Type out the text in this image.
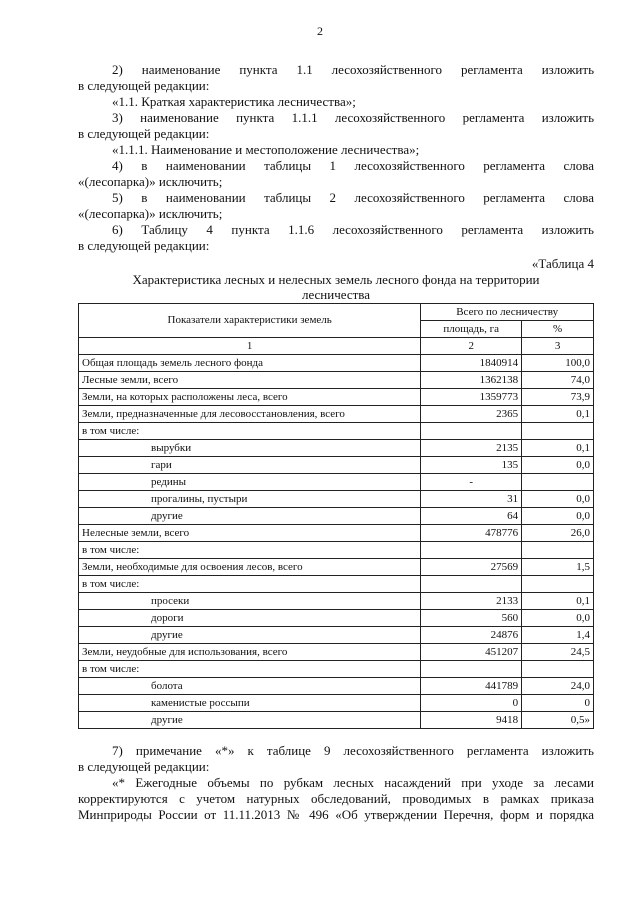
2
2) наименование пункта 1.1 лесохозяйственного регламента изложить
в следующей редакции:
«1.1. Краткая характеристика лесничества»;
3) наименование пункта 1.1.1 лесохозяйственного регламента изложить
в следующей редакции:
«1.1.1. Наименование и местоположение лесничества»;
4) в наименовании таблицы 1 лесохозяйственного регламента слова
«(лесопарка)» исключить;
5) в наименовании таблицы 2 лесохозяйственного регламента слова
«(лесопарка)» исключить;
6) Таблицу 4 пункта 1.1.6 лесохозяйственного регламента изложить
в следующей редакции:
«Таблица 4
Характеристика лесных и нелесных земель лесного фонда на территории
лесничества
Показатели характеристики земель	Всего по лесничеству	
	площадь, га	%
1	2	3
Общая площадь земель лесного фонда	1840914	100,0
Лесные земли, всего	1362138	74,0
Земли, на которых расположены леса, всего	1359773	73,9
Земли, предназначенные для лесовосстановления, всего	2365	0,1
в том числе:		
вырубки	2135	0,1
гари	135	0,0
редины	-	
прогалины, пустыри	31	0,0
другие	64	0,0
Нелесные земли, всего	478776	26,0
в том числе:		
Земли, необходимые для освоения лесов, всего	27569	1,5
в том числе:		
просеки	2133	0,1
дороги	560	0,0
другие	24876	1,4
Земли, неудобные для использования, всего	451207	24,5
в том числе:		
болота	441789	24,0
каменистые россыпи	0	0
другие	9418	0,5»
7) примечание «*» к таблице 9 лесохозяйственного регламента изложить
в следующей редакции:
«* Ежегодные объемы по рубкам лесных насаждений при уходе за лесами
корректируются с учетом натурных обследований, проводимых в рамках приказа
Минприроды России от 11.11.2013 № 496 «Об утверждении Перечня, форм и порядка
